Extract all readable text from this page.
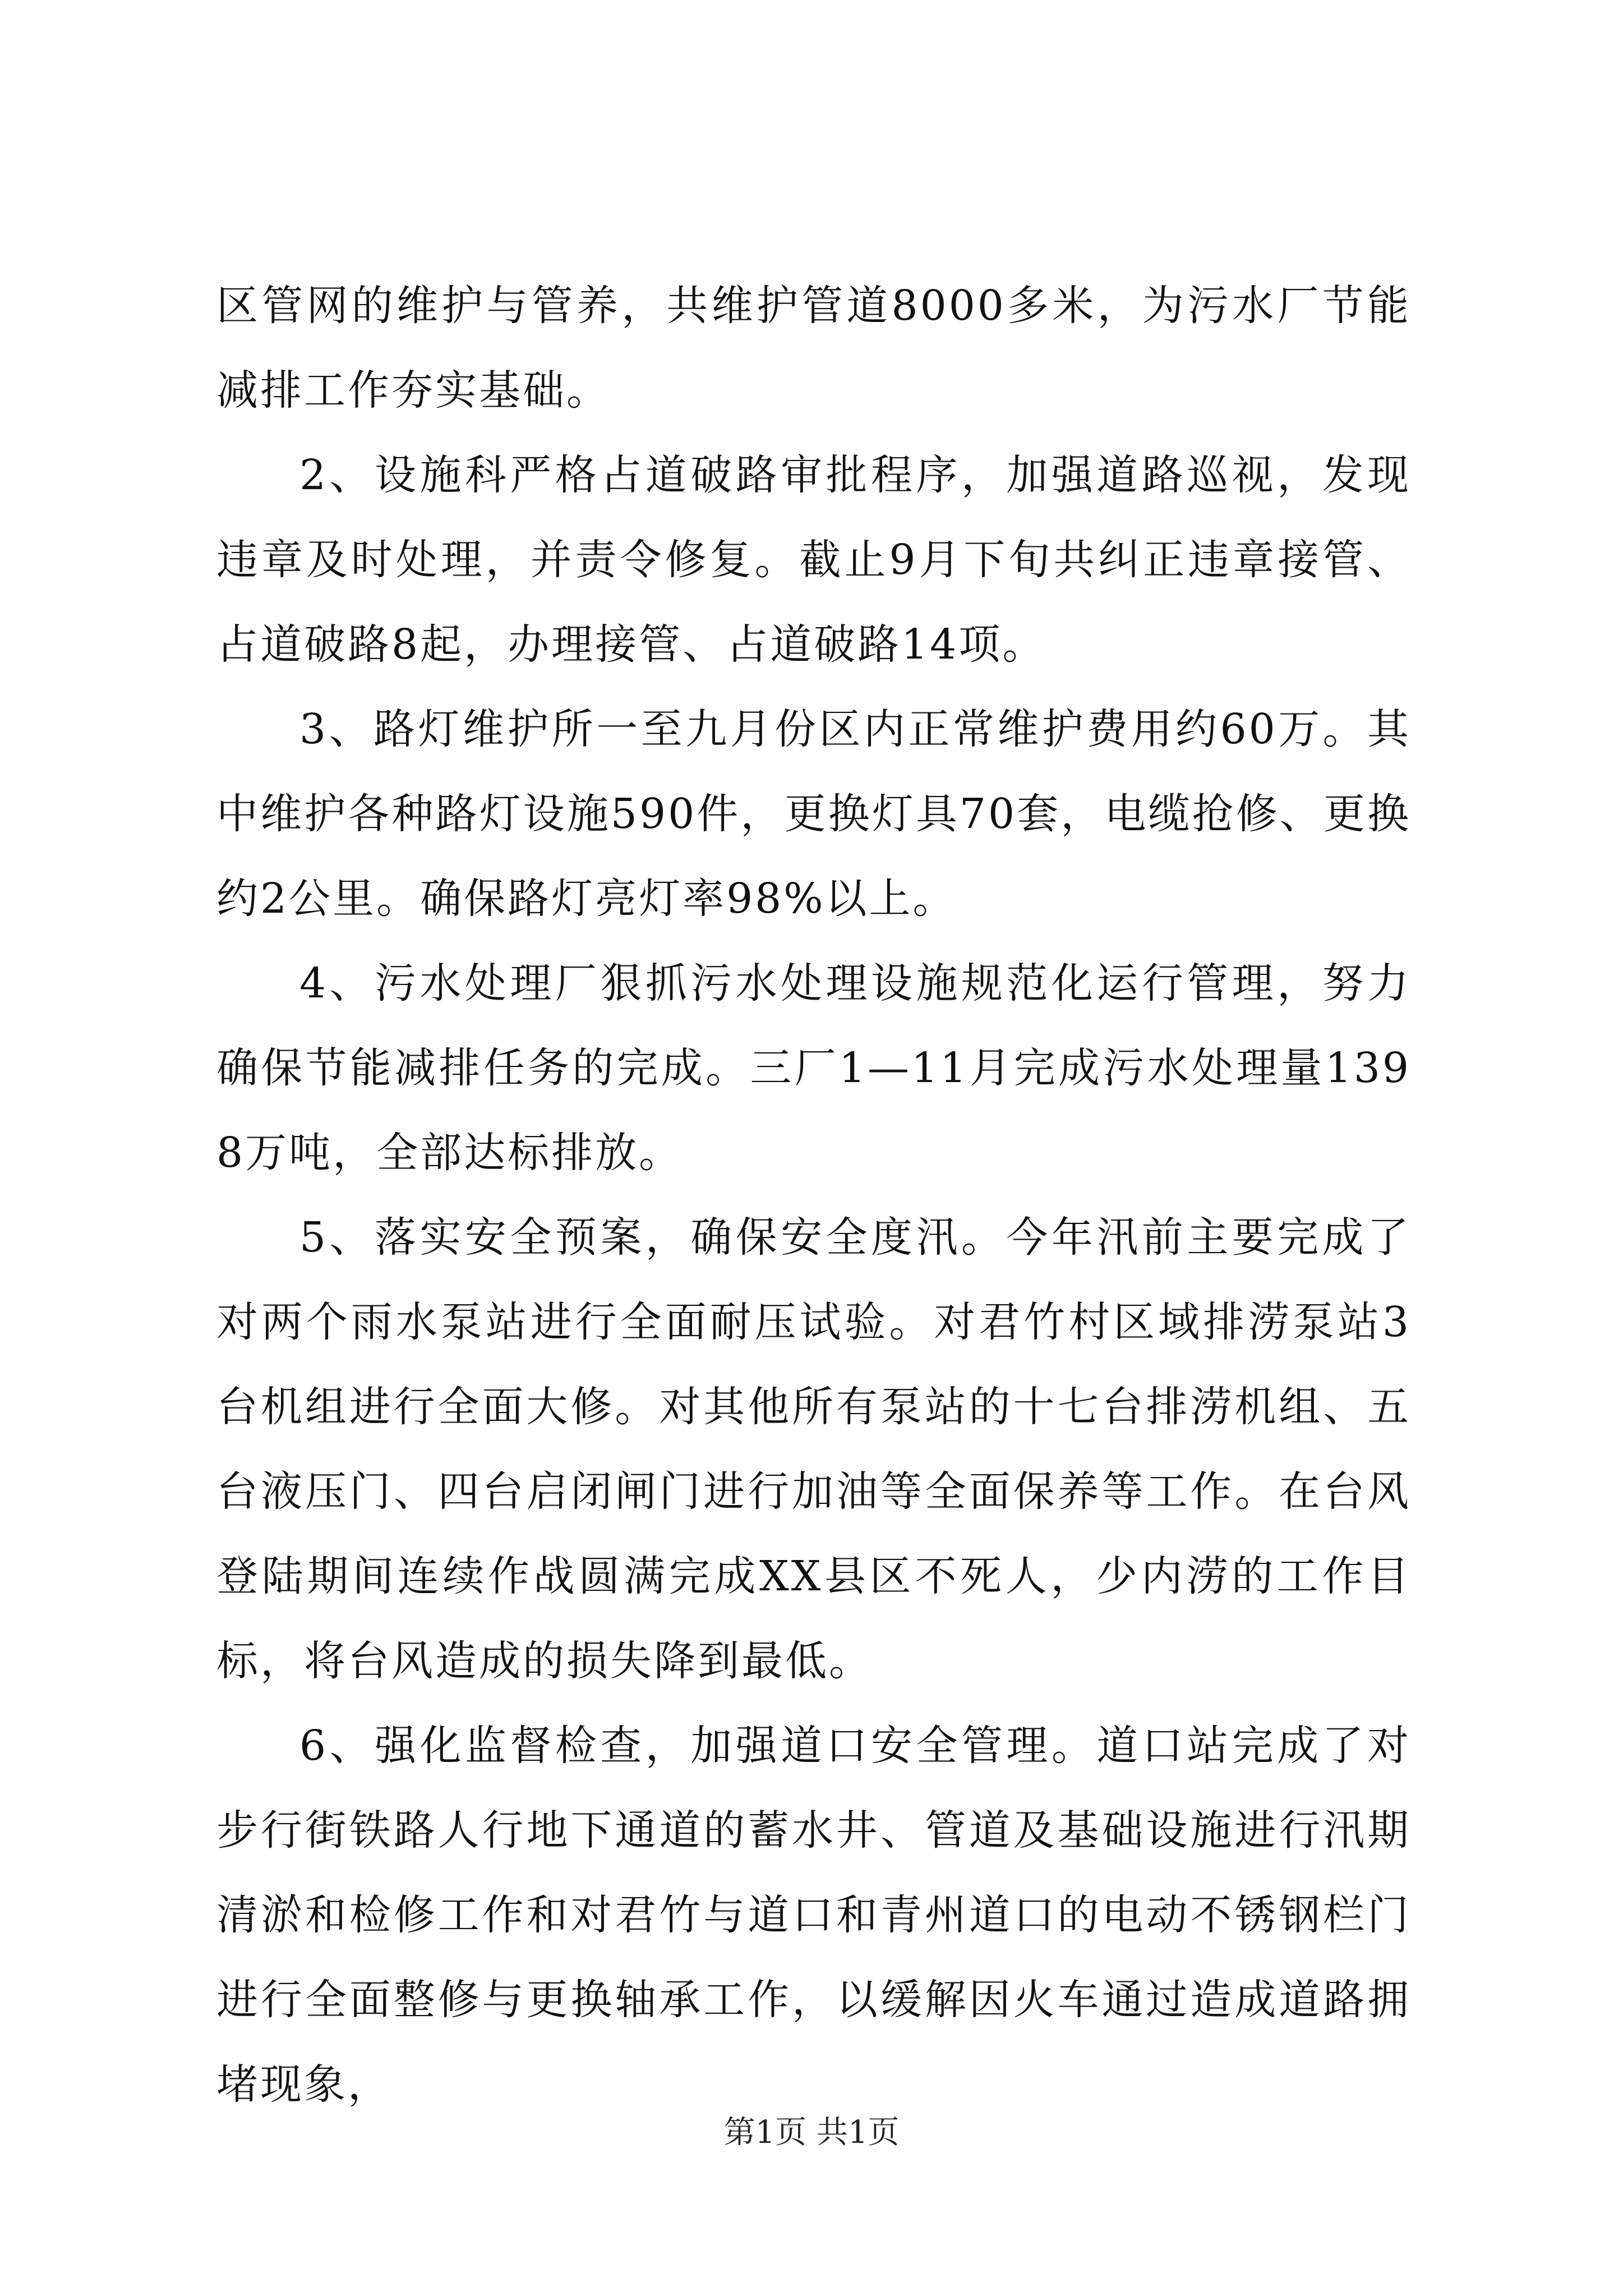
区管网的维护与管养，共维护管道8000多米，为污水厂节能减排工作夯实基础。

2、设施科严格占道破路审批程序，加强道路巡视，发现违章及时处理，并责令修复。截止9月下旬共纠正违章接管、占道破路8起，办理接管、占道破路14项。

3、路灯维护所一至九月份区内正常维护费用约60万。其中维护各种路灯设施590件，更换灯具70套，电缆抢修、更换约2公里。确保路灯亮灯率98%以上。

4、污水处理厂狠抓污水处理设施规范化运行管理，努力确保节能减排任务的完成。三厂1—11月完成污水处理量1398万吨，全部达标排放。

5、落实安全预案，确保安全度汛。今年汛前主要完成了对两个雨水泵站进行全面耐压试验。对君竹村区域排涝泵站3台机组进行全面大修。对其他所有泵站的十七台排涝机组、五台液压门、四台启闭闸门进行加油等全面保养等工作。在台风登陆期间连续作战圆满完成XX县区不死人，少内涝的工作目标，将台风造成的损失降到最低。

6、强化监督检查，加强道口安全管理。道口站完成了对步行街铁路人行地下通道的蓄水井、管道及基础设施进行汛期清淤和检修工作和对君竹与道口和青州道口的电动不锈钢栏门进行全面整修与更换轴承工作，以缓解因火车通过造成道路拥堵现象，

第1页 共1页
